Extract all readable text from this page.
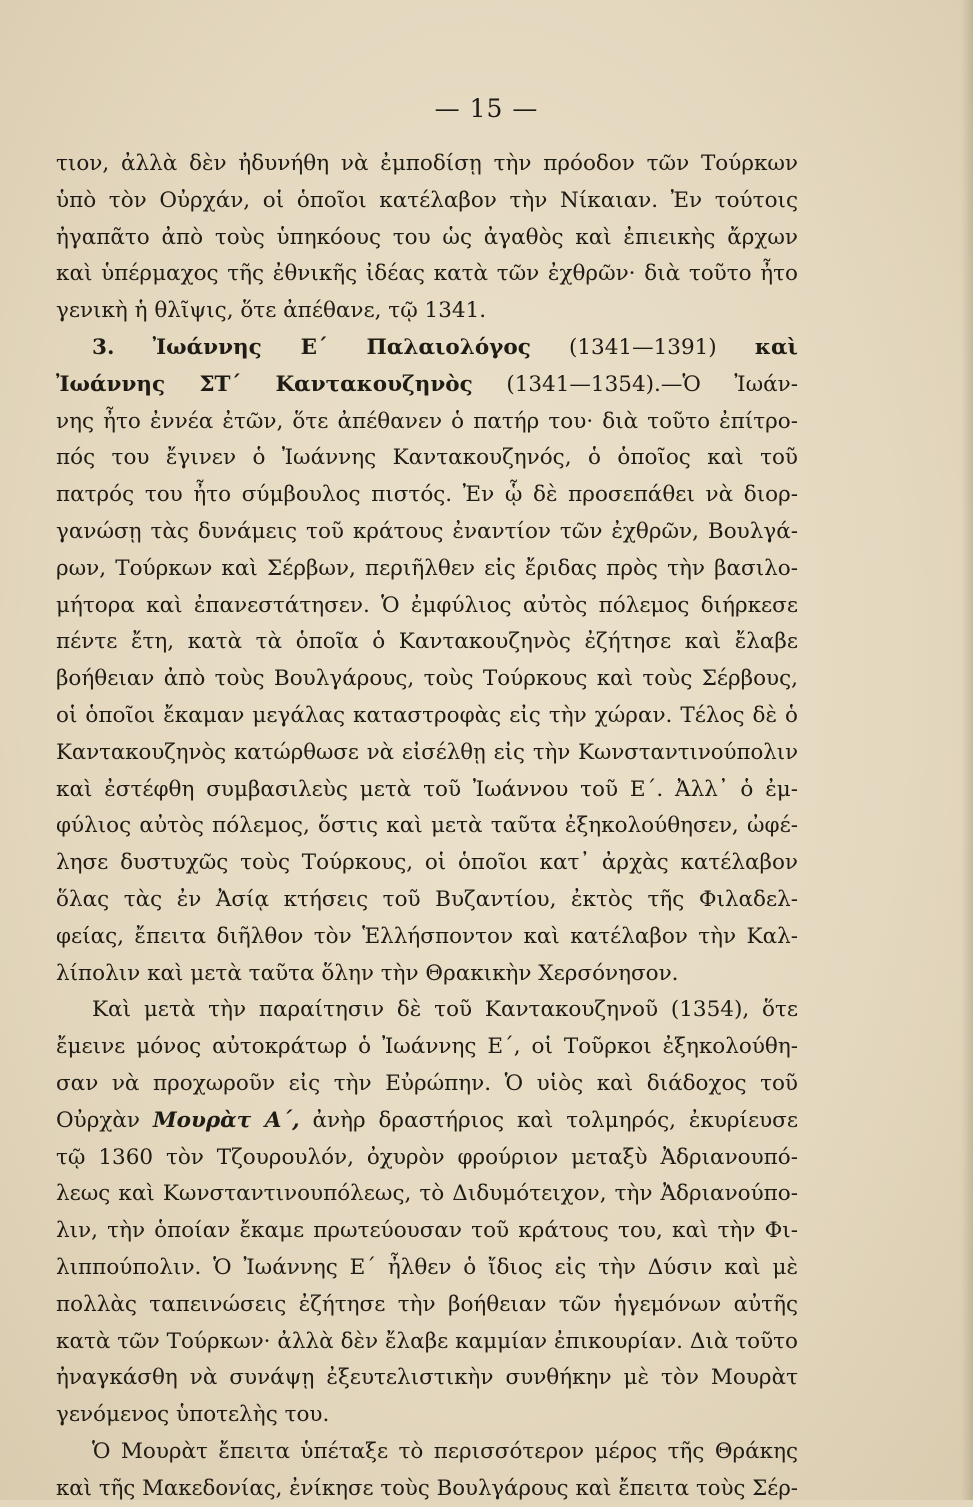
— 15 —
τιον, ἀλλὰ δὲν ἠδυνήθη νὰ ἐμποδίσῃ τὴν πρόοδον τῶν Τούρκων
ὑπὸ τὸν Οὐρχάν, οἱ ὁποῖοι κατέλαβον τὴν Νίκαιαν. Ἐν τούτοις
ἠγαπᾶτο ἀπὸ τοὺς ὑπηκόους του ὡς ἀγαθὸς καὶ ἐπιεικὴς ἄρχων
καὶ ὑπέρμαχος τῆς ἐθνικῆς ἰδέας κατὰ τῶν ἐχθρῶν· διὰ τοῦτο ἦτο
γενικὴ ἡ θλῖψις, ὅτε ἀπέθανε, τῷ 1341.
3. Ἰωάννης Ε΄ Παλαιολόγος (1341—1391) καὶ
Ἰωάννης ΣΤ΄ Καντακουζηνὸς (1341—1354).—Ὁ Ἰωάν-
νης ἦτο ἐννέα ἐτῶν, ὅτε ἀπέθανεν ὁ πατήρ του· διὰ τοῦτο ἐπίτρο-
πός του ἔγινεν ὁ Ἰωάννης Καντακουζηνός, ὁ ὁποῖος καὶ τοῦ
πατρός του ἦτο σύμβουλος πιστός. Ἐν ᾧ δὲ προσεπάθει νὰ διορ-
γανώσῃ τὰς δυνάμεις τοῦ κράτους ἐναντίον τῶν ἐχθρῶν, Βουλγά-
ρων, Τούρκων καὶ Σέρβων, περιῆλθεν εἰς ἔριδας πρὸς τὴν βασιλο-
μήτορα καὶ ἐπανεστάτησεν. Ὁ ἐμφύλιος αὐτὸς πόλεμος διήρκεσε
πέντε ἔτη, κατὰ τὰ ὁποῖα ὁ Καντακουζηνὸς ἐζήτησε καὶ ἔλαβε
βοήθειαν ἀπὸ τοὺς Βουλγάρους, τοὺς Τούρκους καὶ τοὺς Σέρβους,
οἱ ὁποῖοι ἔκαμαν μεγάλας καταστροφὰς εἰς τὴν χώραν. Τέλος δὲ ὁ
Καντακουζηνὸς κατώρθωσε νὰ εἰσέλθῃ εἰς τὴν Κωνσταντινούπολιν
καὶ ἐστέφθη συμβασιλεὺς μετὰ τοῦ Ἰωάννου τοῦ Ε΄. Ἀλλ᾿ ὁ ἐμ-
φύλιος αὐτὸς πόλεμος, ὅστις καὶ μετὰ ταῦτα ἐξηκολούθησεν, ὠφέ-
λησε δυστυχῶς τοὺς Τούρκους, οἱ ὁποῖοι κατ᾿ ἀρχὰς κατέλαβον
ὅλας τὰς ἐν Ἀσίᾳ κτήσεις τοῦ Βυζαντίου, ἐκτὸς τῆς Φιλαδελ-
φείας, ἔπειτα διῆλθον τὸν Ἑλλήσποντον καὶ κατέλαβον τὴν Καλ-
λίπολιν καὶ μετὰ ταῦτα ὅλην τὴν Θρακικὴν Χερσόνησον.
Καὶ μετὰ τὴν παραίτησιν δὲ τοῦ Καντακουζηνοῦ (1354), ὅτε
ἔμεινε μόνος αὐτοκράτωρ ὁ Ἰωάννης Ε΄, οἱ Τοῦρκοι ἐξηκολούθη-
σαν νὰ προχωροῦν εἰς τὴν Εὐρώπην. Ὁ υἱὸς καὶ διάδοχος τοῦ
Οὐρχὰν Μουρὰτ Α΄, ἀνὴρ δραστήριος καὶ τολμηρός, ἐκυρίευσε
τῷ 1360 τὸν Τζουρουλόν, ὀχυρὸν φρούριον μεταξὺ Ἀδριανουπό-
λεως καὶ Κωνσταντινουπόλεως, τὸ Διδυμότειχον, τὴν Ἀδριανούπο-
λιν, τὴν ὁποίαν ἔκαμε πρωτεύουσαν τοῦ κράτους του, καὶ τὴν Φι-
λιππούπολιν. Ὁ Ἰωάννης Ε΄ ἦλθεν ὁ ἴδιος εἰς τὴν Δύσιν καὶ μὲ
πολλὰς ταπεινώσεις ἐζήτησε τὴν βοήθειαν τῶν ἡγεμόνων αὐτῆς
κατὰ τῶν Τούρκων· ἀλλὰ δὲν ἔλαβε καμμίαν ἐπικουρίαν. Διὰ τοῦτο
ἠναγκάσθη νὰ συνάψῃ ἐξευτελιστικὴν συνθήκην μὲ τὸν Μουρὰτ
γενόμενος ὑποτελὴς του.
Ὁ Μουρὰτ ἔπειτα ὑπέταξε τὸ περισσότερον μέρος τῆς Θράκης
καὶ τῆς Μακεδονίας, ἐνίκησε τοὺς Βουλγάρους καὶ ἔπειτα τοὺς Σέρ-
